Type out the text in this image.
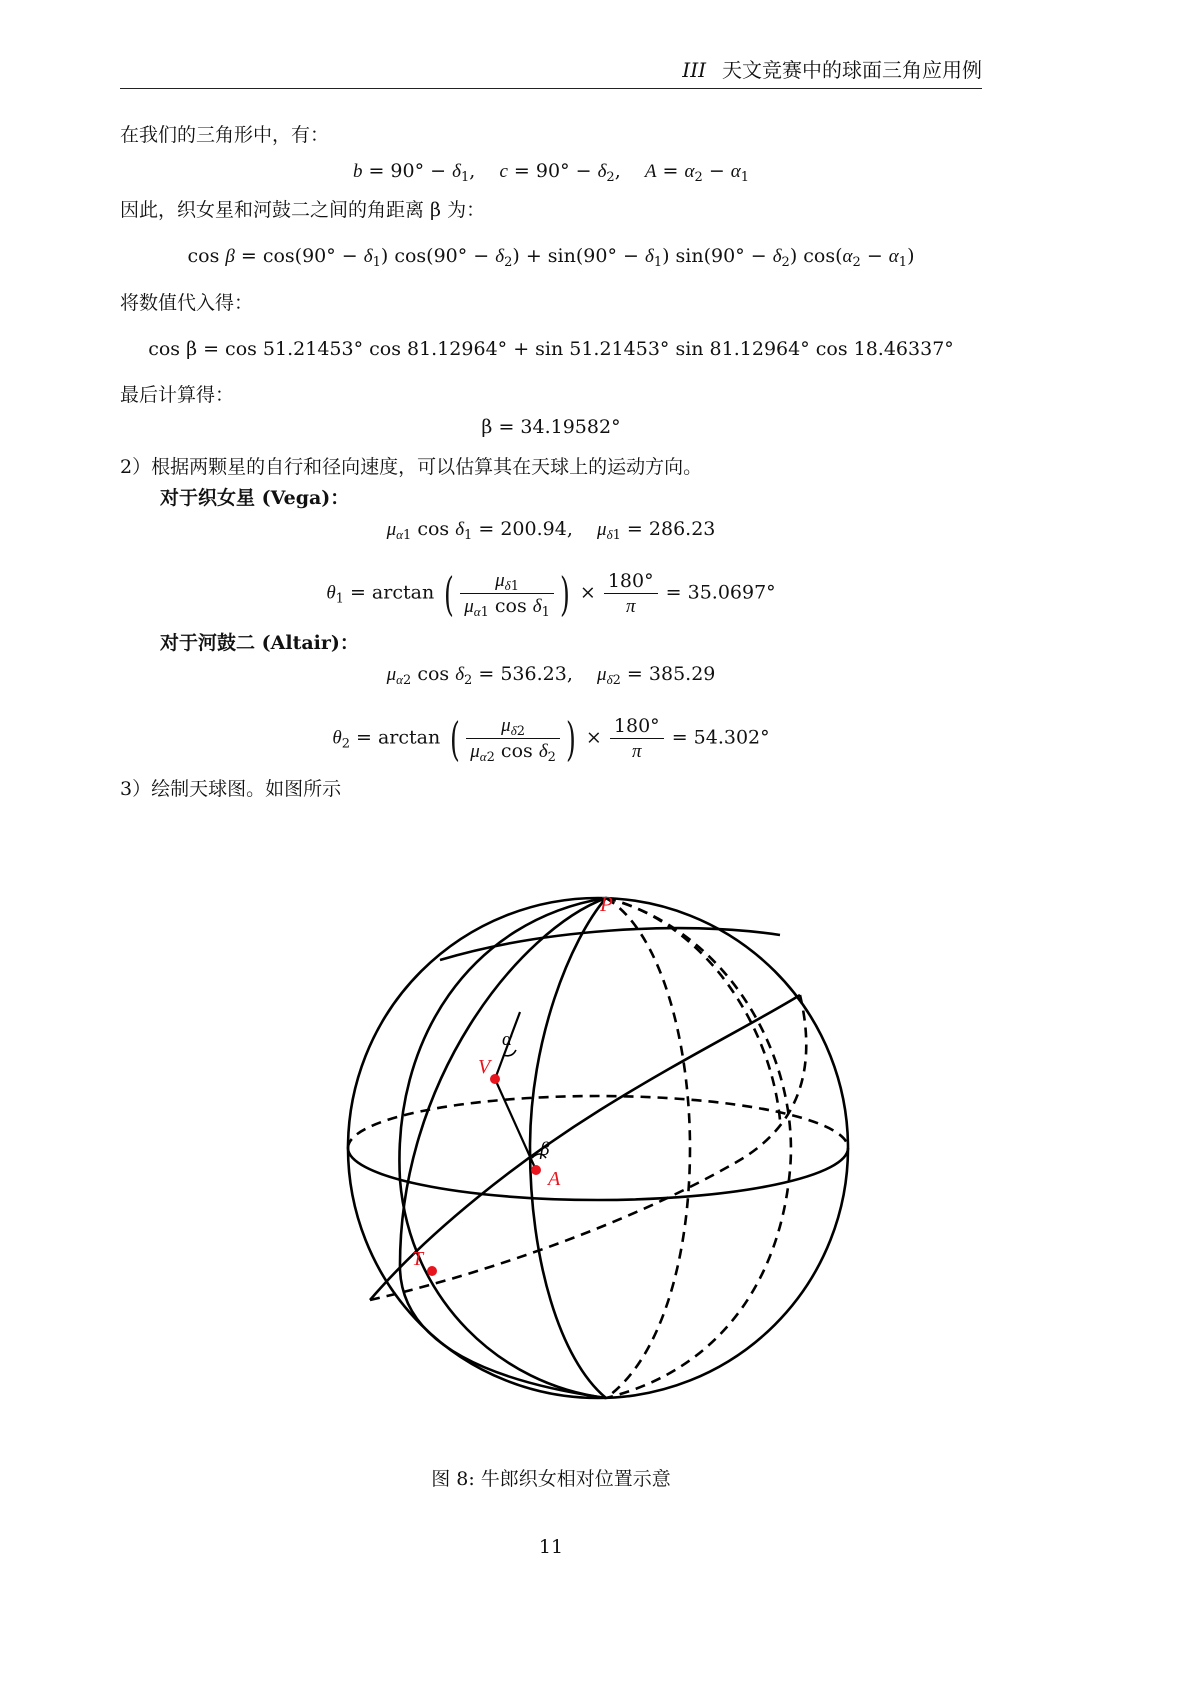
III 天文竞赛中的球面三角应用例
在我们的三角形中，有：
$b = 90^\circ - \delta_1$,    $c = 90^\circ - \delta_2$,    $A = \alpha_2 - \alpha_1$
因此，织女星和河鼓二之间的角距离 β 为：
$\cos \beta = \cos(90^\circ - \delta_1)$ $\cos(90^\circ - \delta_2) + \sin(90^\circ - \delta_1)$ $\sin(90^\circ - \delta_2)$ $\cos(\alpha_2 - \alpha_1)$
将数值代入得：
cos β = cos 51.21453° cos 81.12964° + sin 51.21453° sin 81.12964° cos 18.46337°
最后计算得：
β = 34.19582°
2）根据两颗星的自行和径向速度，可以估算其在天球上的运动方向。
对于织女星 (Vega)：
$\mu_{\alpha 1}$ $\cos \delta_1 = 200.94$,    $\mu_{\delta 1} = 286.23$
$\theta_1 = \arctan$ ( $\frac{\mu_{\delta 1}}{\mu_{\alpha 1} \cos \delta_1}$ ) × $\frac{180^\circ}{\pi} = 35.0697^\circ$
对于河鼓二 (Altair)：
$\mu_{\alpha 2}$ $\cos \delta_2 = 536.23$,    $\mu_{\delta 2} = 385.29$
$\theta_2 = \arctan$ ( $\frac{\mu_{\delta 2}}{\mu_{\alpha 2} \cos \delta_2}$ ) × $\frac{180^\circ}{\pi} = 54.302^\circ$
3）绘制天球图。如图所示
P
V
A
T
α
β
图 8: 牛郎织女相对位置示意
11
